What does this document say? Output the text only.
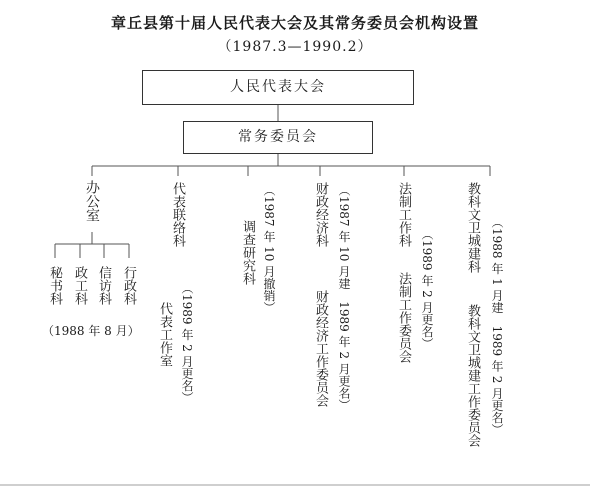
章丘县第十届人民代表大会及其常务委员会机构设置
（1987.3—1990.2）
人民代表大会
常务委员会
办公室
秘书科 政工科 信访科 行政科
（1988 年 8 月）
代表联络科
（1989 年 2 月更名）
代表工作室
（1987 年 10 月撤销）
调查研究科	（1987 年 10 月建　1989 年 2 月更名）
财政经济科
财政经济工作委员会
法制工作科
（1989 年 2 月更名）
法制工作委员会
教科文卫城建科 （1988 年 1 月建　1989 年 2 月更名）
教科文卫城建工作委员会
